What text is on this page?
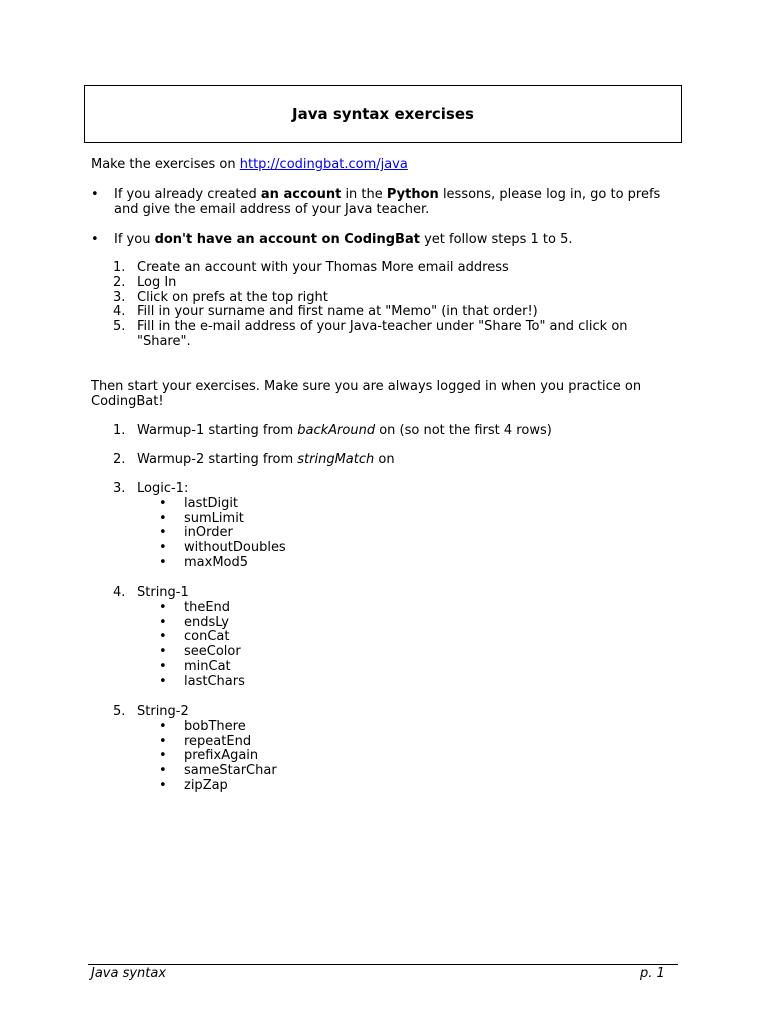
Java syntax exercises
Make the exercises on http://codingbat.com/java
• If you already created an account in the Python lessons, please log in, go to prefs and give the email address of your Java teacher.
• If you don't have an account on CodingBat yet follow steps 1 to 5.
1. Create an account with your Thomas More email address
2. Log In
3. Click on prefs at the top right
4. Fill in your surname and first name at "Memo" (in that order!)
5. Fill in the e-mail address of your Java-teacher under "Share To" and click on "Share".
Then start your exercises. Make sure you are always logged in when you practice on CodingBat!
1. Warmup-1 starting from backAround on (so not the first 4 rows)
2. Warmup-2 starting from stringMatch on
3. Logic-1:
• lastDigit
• sumLimit
• inOrder
• withoutDoubles
• maxMod5
4. String-1
• theEnd
• endsLy
• conCat
• seeColor
• minCat
• lastChars
5. String-2
• bobThere
• repeatEnd
• prefixAgain
• sameStarChar
• zipZap
Java syntax	p. 1
